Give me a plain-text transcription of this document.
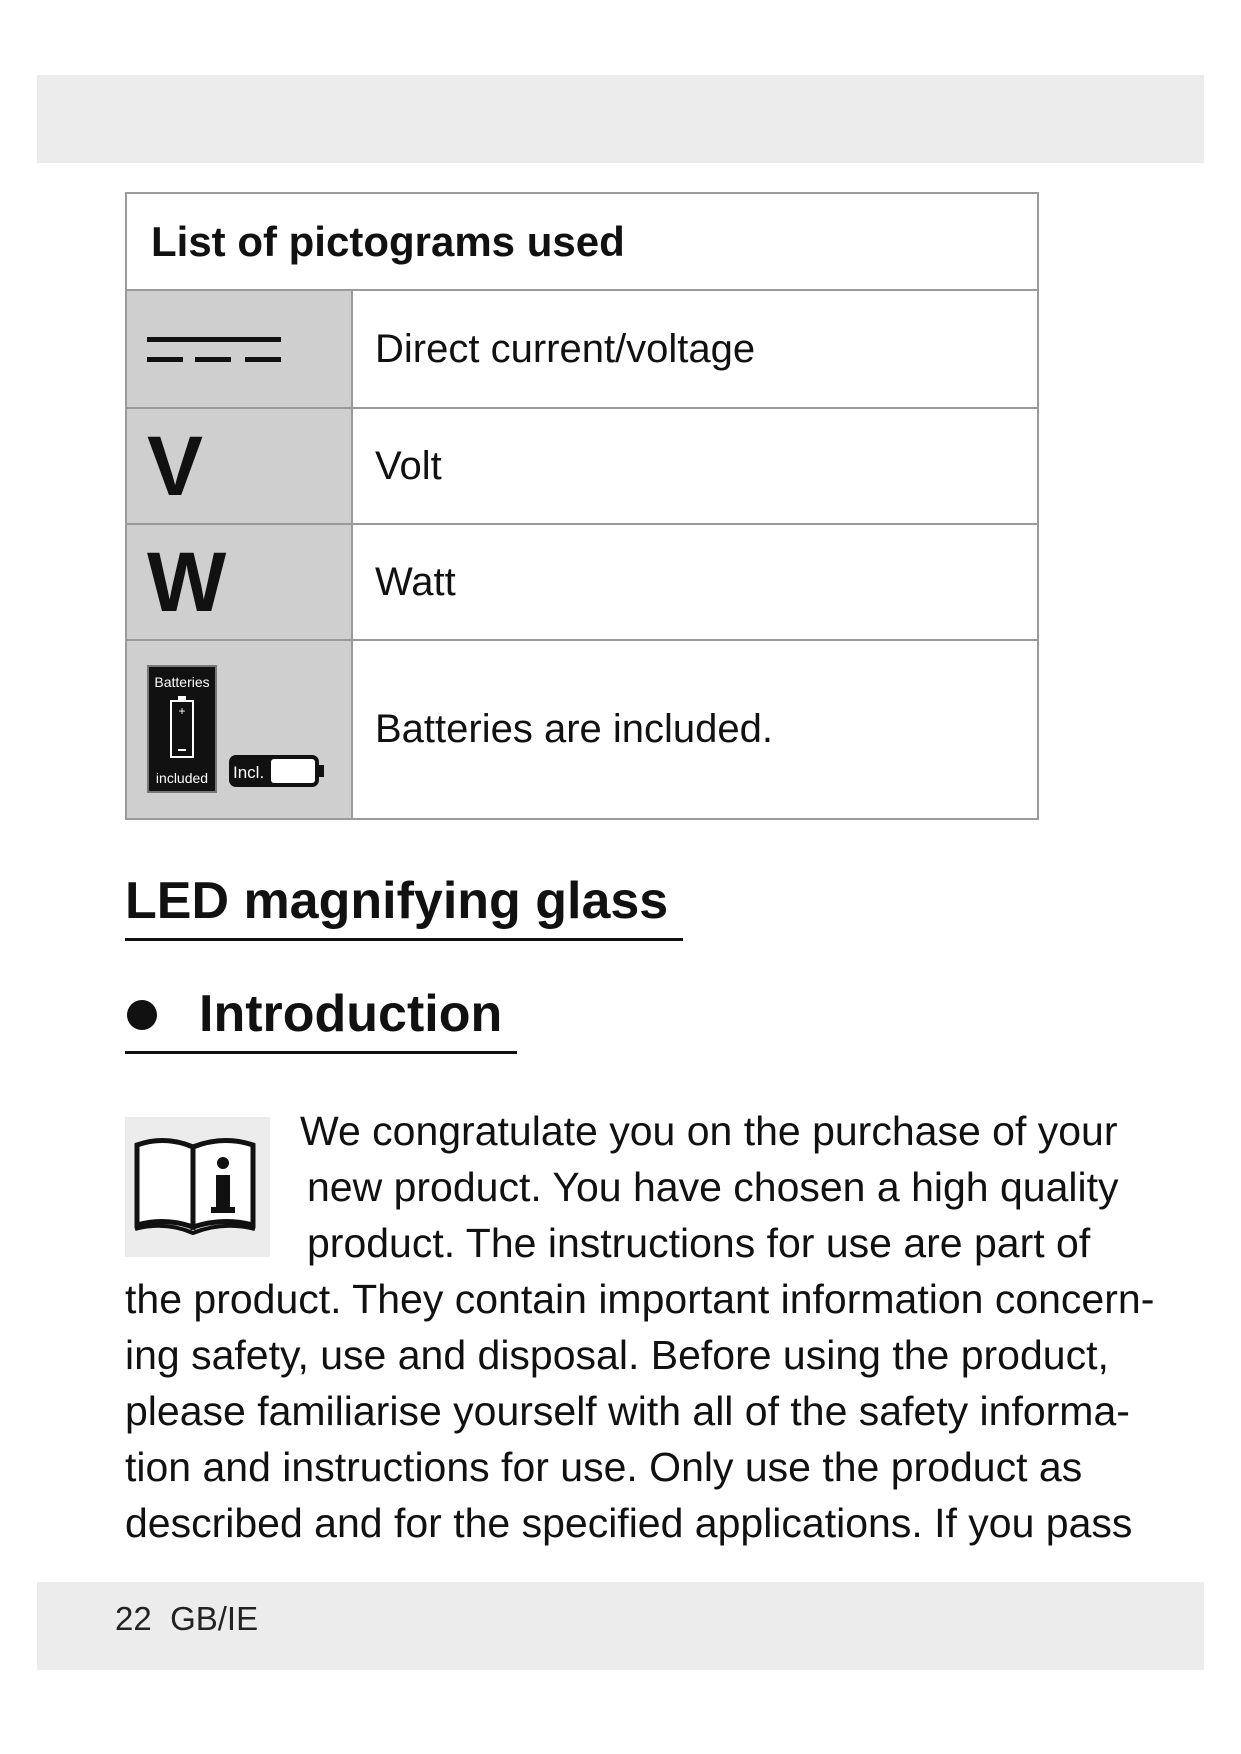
List of pictograms used
Direct current/voltage
V	Volt
W	Watt
Batteries
+
included Incl.
Batteries are included.
LED magnifying glass
Introduction
We congratulate you on the purchase of your
new product. You have chosen a high quality
product. The instructions for use are part of
the product. They contain important information concern-
ing safety, use and disposal. Before using the product,
please familiarise yourself with all of the safety informa-
tion and instructions for use. Only use the product as
described and for the specified applications. If you pass
22 GB/IE
